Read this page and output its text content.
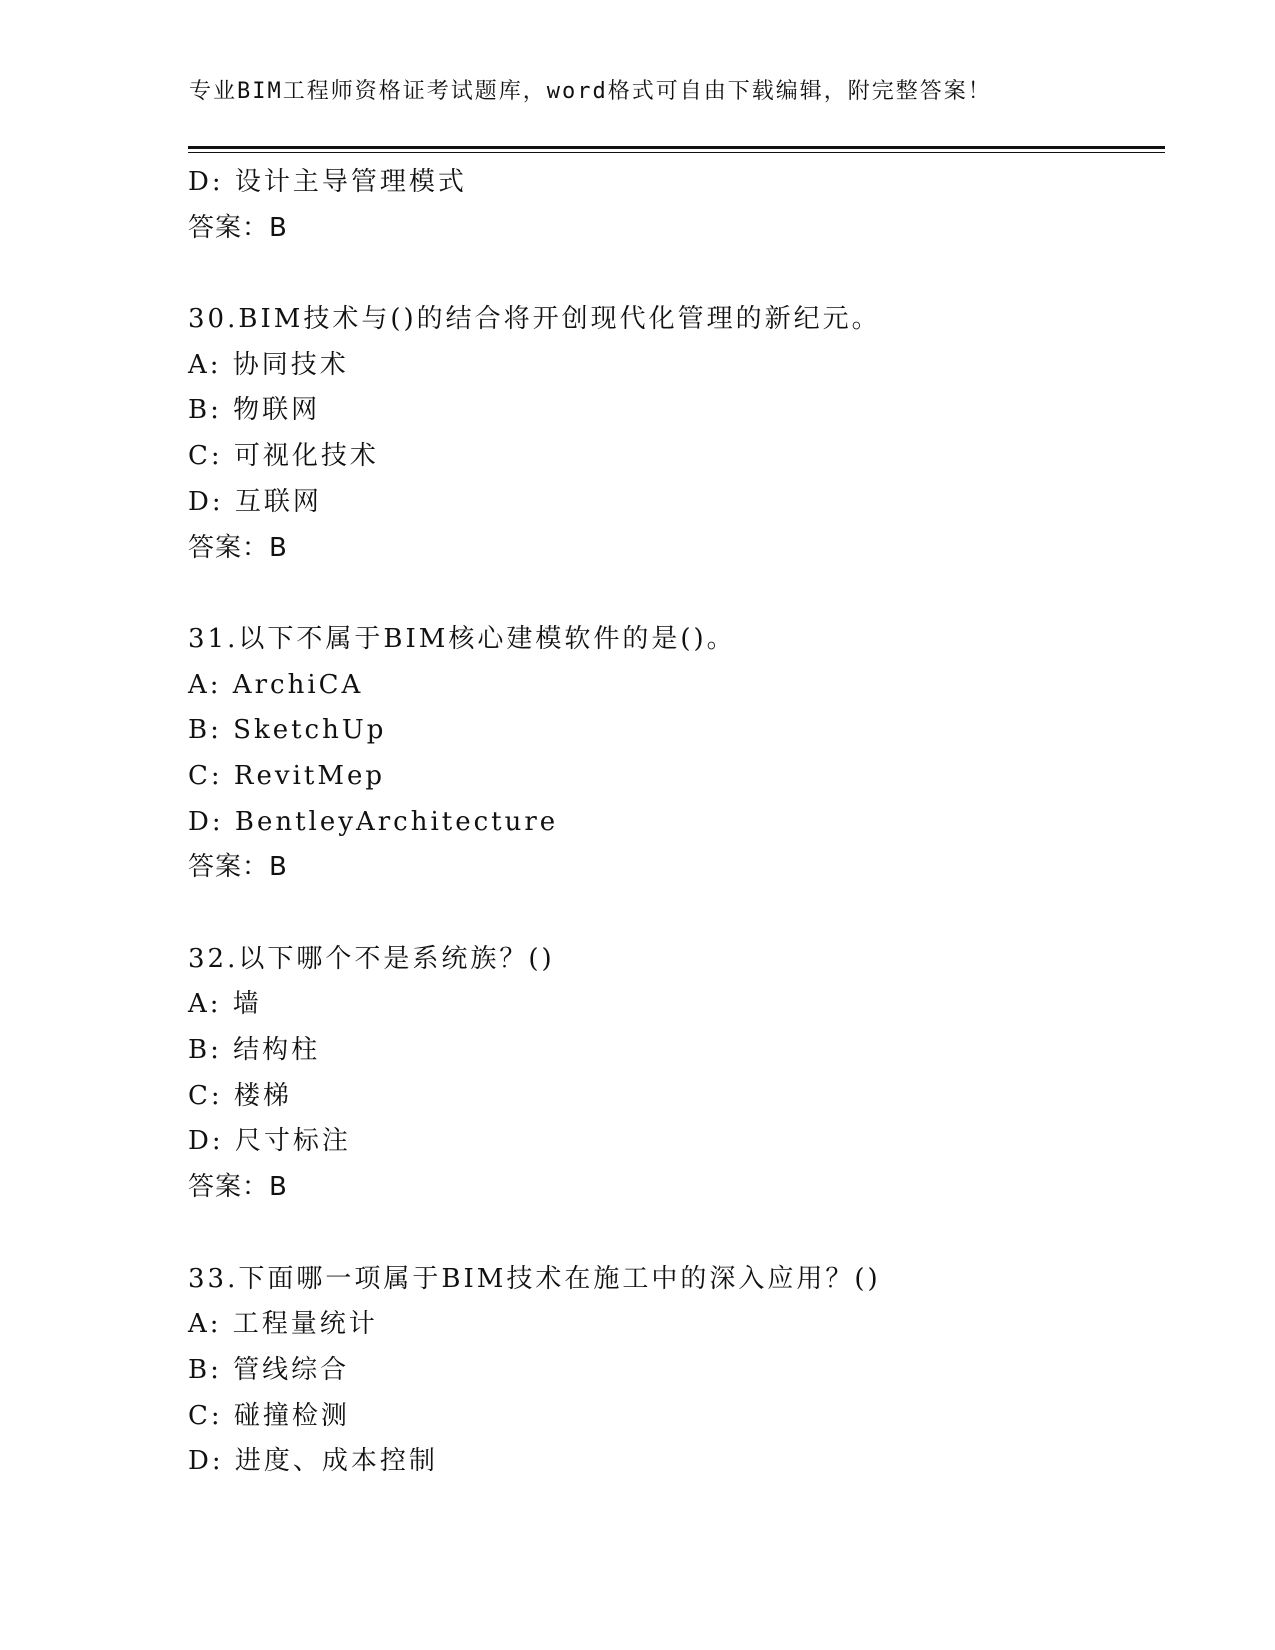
专业BIM工程师资格证考试题库，word格式可自由下载编辑，附完整答案！
D: 设计主导管理模式
答案：B
30.BIM技术与()的结合将开创现代化管理的新纪元。
A: 协同技术
B: 物联网
C: 可视化技术
D: 互联网
答案：B
31.以下不属于BIM核心建模软件的是()。
A: ArchiCA
B: SketchUp
C: RevitMep
D: BentleyArchitecture
答案：B
32.以下哪个不是系统族？()
A: 墙
B: 结构柱
C: 楼梯
D: 尺寸标注
答案：B
33.下面哪一项属于BIM技术在施工中的深入应用？()
A: 工程量统计
B: 管线综合
C: 碰撞检测
D: 进度、成本控制
